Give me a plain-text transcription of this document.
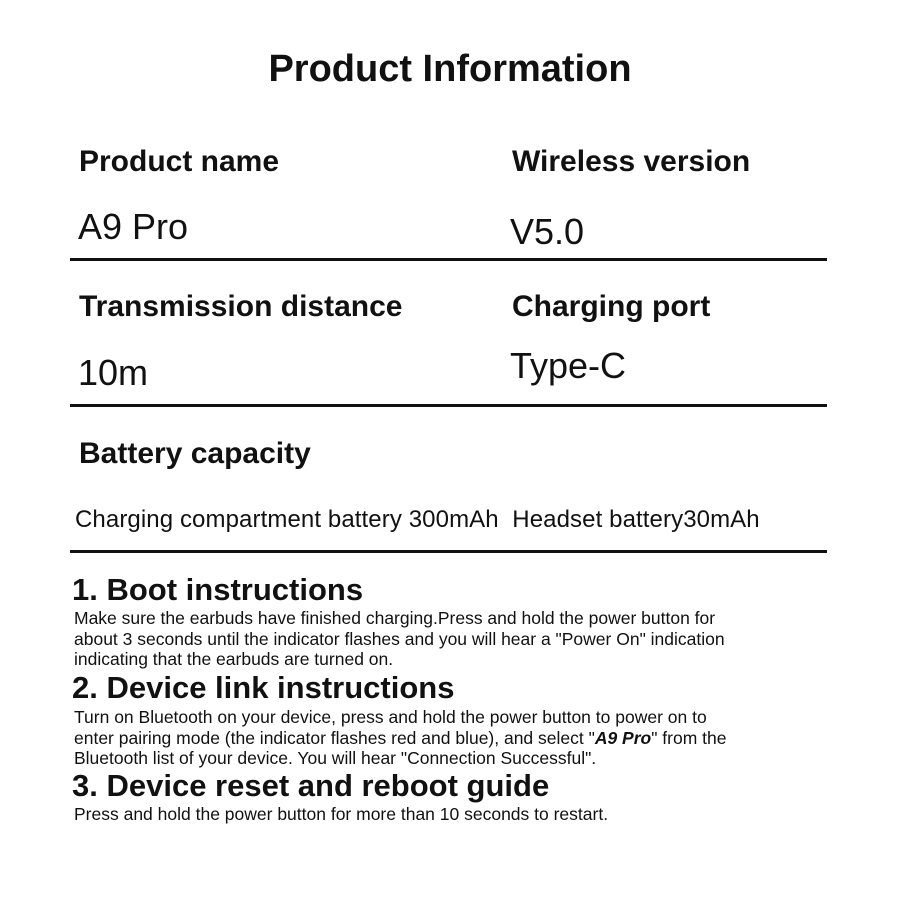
Product Information
Product name
A9 Pro
Wireless version
V5.0
Transmission distance
10m
Charging port
Type-C
Battery capacity
Charging compartment battery 300mAh Headset battery30mAh
1. Boot instructions
Make sure the earbuds have finished charging.Press and hold the power button for
about 3 seconds until the indicator flashes and you will hear a "Power On" indication
indicating that the earbuds are turned on.
2. Device link instructions
Turn on Bluetooth on your device, press and hold the power button to power on to
enter pairing mode (the indicator flashes red and blue), and select "A9 Pro" from the
Bluetooth list of your device. You will hear "Connection Successful".
3. Device reset and reboot guide
Press and hold the power button for more than 10 seconds to restart.
